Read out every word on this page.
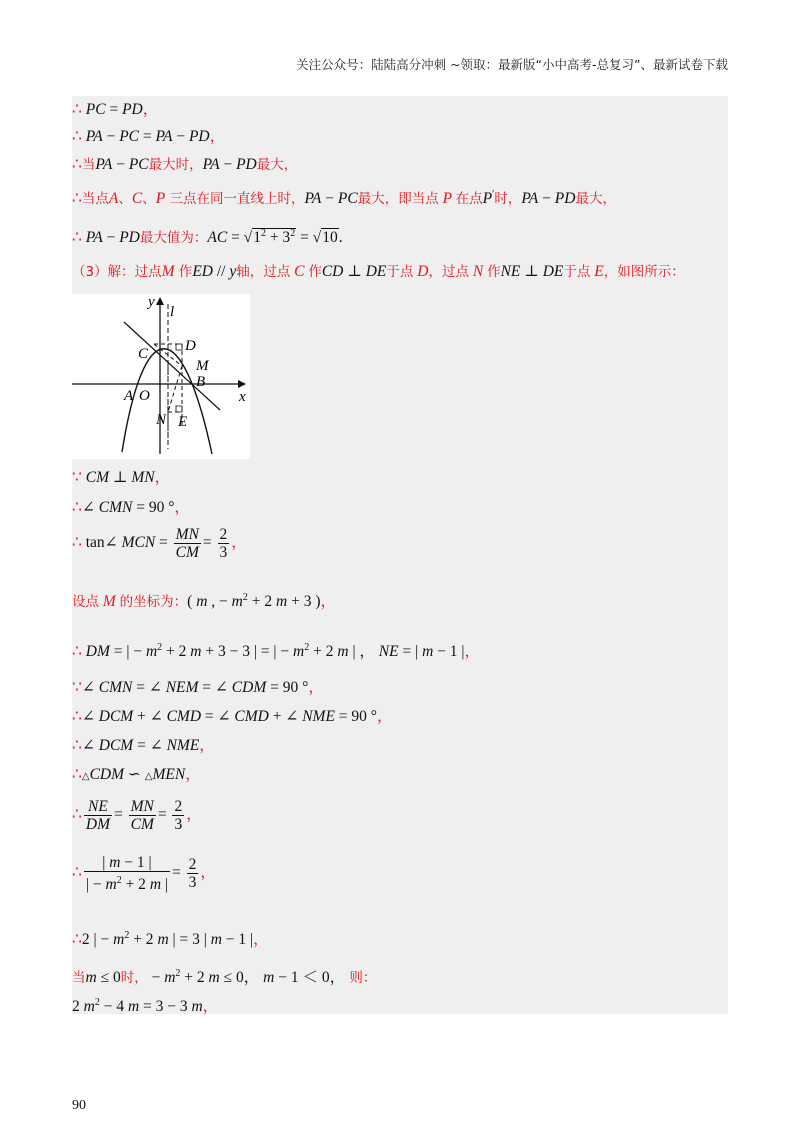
关注公众号：陆陆高分冲刺 ~领取：最新版“小中高考-总复习”、最新试卷下载
∴ PC = PD，
∴ PA − PC = PA − PD，
∴当PA − PC最大时，PA − PD最大，
∴当点A、C、P 三点在同一直线上时，PA − PC最大，即当点 P 在点P′时，PA − PD最大，
∴ PA − PD最大值为：AC = $√1^2 + 3^2 = √10$.
（3）解：过点M 作ED // y轴，过点 C 作CD ⊥ DE于点 D，过点 N 作NE ⊥ DE于点 E，如图所示：
y
x
l
C D
M
B
A O
N E
∵ CM ⊥ MN，
∴∠ CMN = 90 °，
∴ tan∠ MCN = $\frac{MN}{CM} = \frac{2}{3}$ ，
设点 M 的坐标为：( m , − $m^2 + 2$ m + 3 )，
∴ DM = | − $m^2 + 2$ m + 3 − 3 | = | − $m^2 + 2$ m | ， NE = | m − 1 |，
∵∠ CMN = ∠ NEM = ∠ CDM = 90 °，
∴∠ DCM + ∠ CMD = ∠ CMD + ∠ NME = 90 °，
∴∠ DCM = ∠ NME，
∴△CDM ∽ △MEN，
∴ $\frac{NE}{DM} = \frac{MN}{CM} = \frac{2}{3}$ ，
∴ $\frac{| m - 1 |}{| - m^2 + 2 m |} = \frac{2}{3}$ ，
∴2 | − $m^2 + 2$ m | = 3 | m − 1 |，
当m ≤ 0时， − $m^2 + 2$ m ≤ 0， m − 1 ＜ 0， 则：
2 $m^2 - 4$ m = 3 − 3 m，
90
